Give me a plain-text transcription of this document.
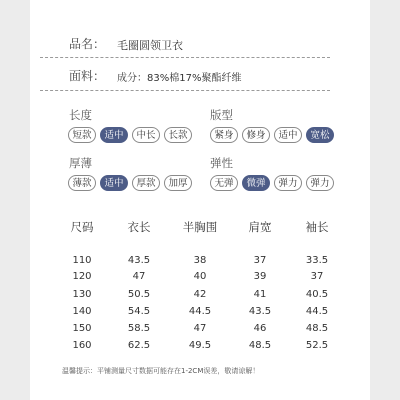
品名： 毛圈圆领卫衣
面料： 成分：83%棉17%聚酯纤维
长度
短款	适中	中长	长款
版型
紧身	修身	适中	宽松
厚薄
薄款	适中	厚款	加厚
弹性
无弹	微弹	弹力	弹力
尺码	衣长	半胸围	肩宽	袖长
110	43.5	38	37	33.5
120	47	40	39	37
130	50.5	42	41	40.5
140	54.5	44.5	43.5	44.5
150	58.5	47	46	48.5
160	62.5	49.5	48.5	52.5
温馨提示：平铺测量尺寸数据可能存在1-2CM误差，敬请谅解！
